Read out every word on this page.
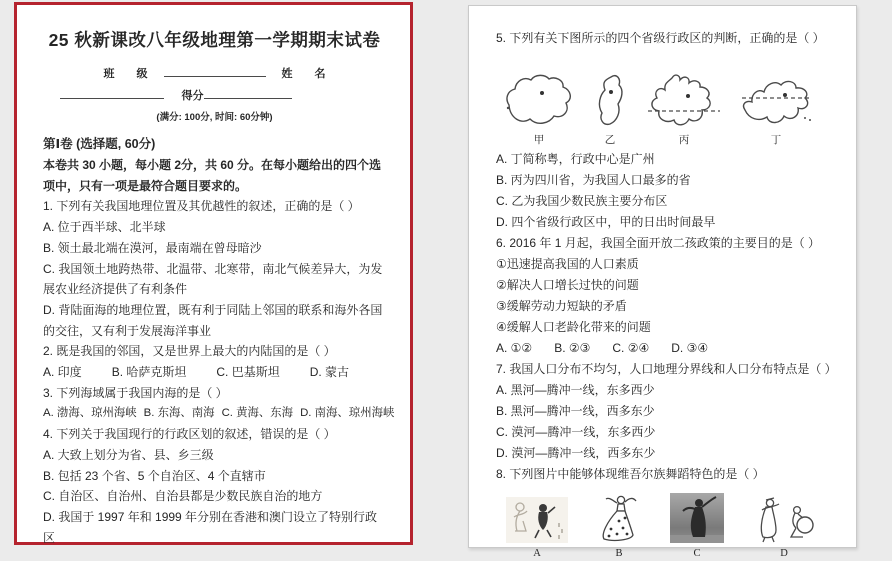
25 秋新课改八年级地理第一学期期末试卷
班　　级	姓　　名
得分
(满分: 100分, 时间: 60分钟)
第Ⅰ卷 (选择题, 60分)
本卷共 30 小题，每小题 2分，共 60 分。在每小题给出的四个选项中，只有一项是最符合题目要求的。
1. 下列有关我国地理位置及其优越性的叙述，正确的是（ ）
A. 位于西半球、北半球
B. 领土最北端在漠河，最南端在曾母暗沙
C. 我国领土地跨热带、北温带、北寒带，南北气候差异大，为发展农业经济提供了有利条件
D. 背陆面海的地理位置，既有利于同陆上邻国的联系和海外各国的交往，又有利于发展海洋事业
2. 既是我国的邻国，又是世界上最大的内陆国的是（ ）
A. 印度	B. 哈萨克斯坦	C. 巴基斯坦	D. 蒙古
3. 下列海域属于我国内海的是（ ）
A. 渤海、琼州海峡 B. 东海、南海 C. 黄海、东海 D. 南海、琼州海峡
4. 下列关于我国现行的行政区划的叙述，错误的是（ ）
A. 大致上划分为省、县、乡三级
B. 包括 23 个省、5 个自治区、4 个直辖市
C. 自治区、自治州、自治县都是少数民族自治的地方
D. 我国于 1997 年和 1999 年分别在香港和澳门设立了特别行政区
5. 下列有关下图所示的四个省级行政区的判断，正确的是（ ）
甲	乙	丙	丁
A. 丁简称粤，行政中心是广州
B. 丙为四川省，为我国人口最多的省
C. 乙为我国少数民族主要分布区
D. 四个省级行政区中，甲的日出时间最早
6. 2016 年 1 月起，我国全面开放二孩政策的主要目的是（ ）
①迅速提高我国的人口素质
②解决人口增长过快的问题
③缓解劳动力短缺的矛盾
④缓解人口老龄化带来的问题
A. ①② B. ②③ C. ②④ D. ③④
7. 我国人口分布不均匀，人口地理分界线和人口分布特点是（ ）
A. 黑河—腾冲一线，东多西少
B. 黑河—腾冲一线，西多东少
C. 漠河—腾冲一线，东多西少
D. 漠河—腾冲一线，西多东少
8. 下列图片中能够体现维吾尔族舞蹈特色的是（ ）
A	B	C	D
